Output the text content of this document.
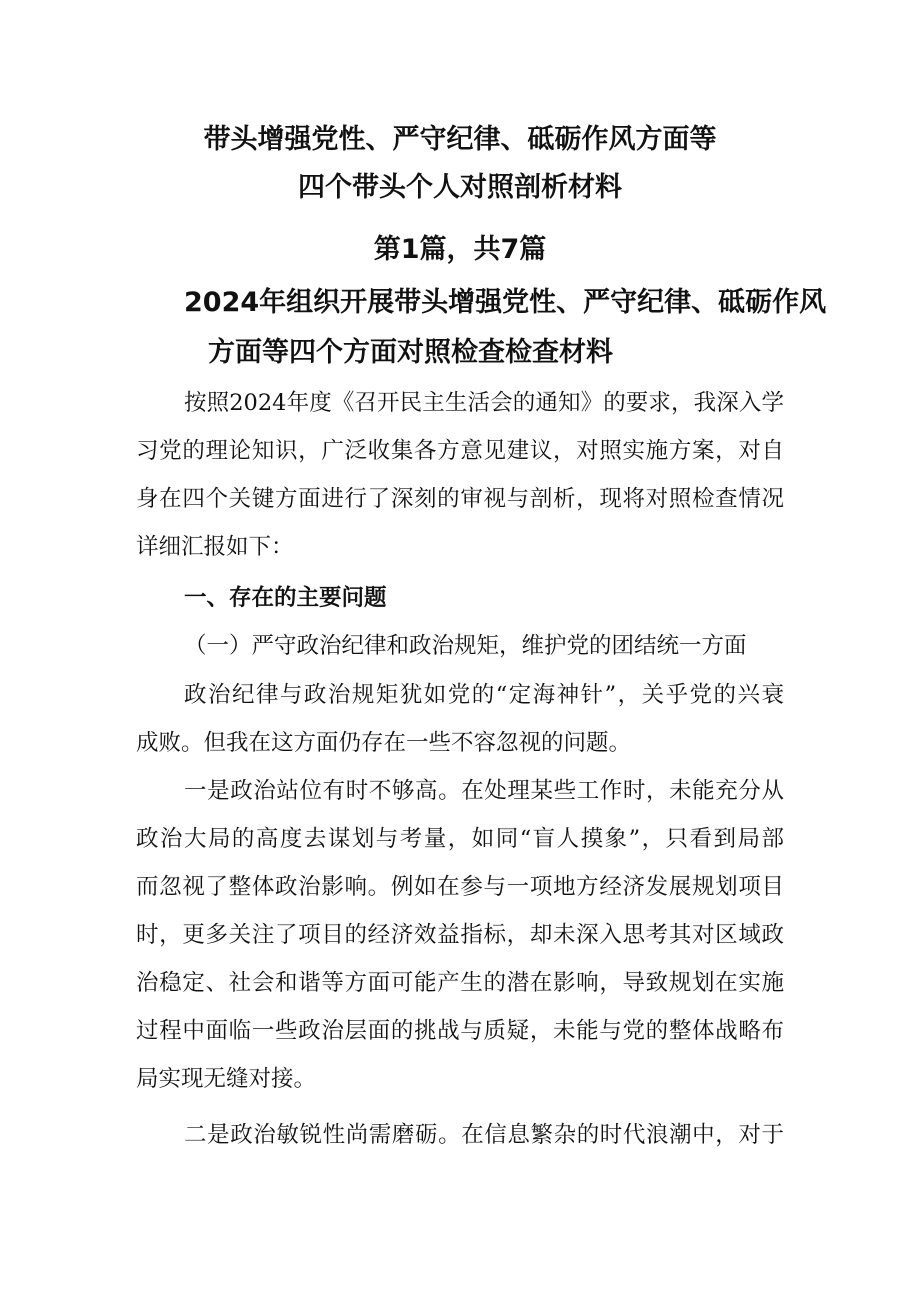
带头增强党性、严守纪律、砥砺作风方面等
四个带头个人对照剖析材料
第1篇，共7篇
2024年组织开展带头增强党性、严守纪律、砥砺作风
方面等四个方面对照检查检查材料
按照2024年度《召开民主生活会的通知》的要求，我深入学
习党的理论知识，广泛收集各方意见建议，对照实施方案，对自
身在四个关键方面进行了深刻的审视与剖析，现将对照检查情况
详细汇报如下：
一、存在的主要问题
（一）严守政治纪律和政治规矩，维护党的团结统一方面
政治纪律与政治规矩犹如党的“定海神针”，关乎党的兴衰
成败。但我在这方面仍存在一些不容忽视的问题。
一是政治站位有时不够高。在处理某些工作时，未能充分从
政治大局的高度去谋划与考量，如同“盲人摸象”，只看到局部
而忽视了整体政治影响。例如在参与一项地方经济发展规划项目
时，更多关注了项目的经济效益指标，却未深入思考其对区域政
治稳定、社会和谐等方面可能产生的潜在影响，导致规划在实施
过程中面临一些政治层面的挑战与质疑，未能与党的整体战略布
局实现无缝对接。
二是政治敏锐性尚需磨砺。在信息繁杂的时代浪潮中，对于
